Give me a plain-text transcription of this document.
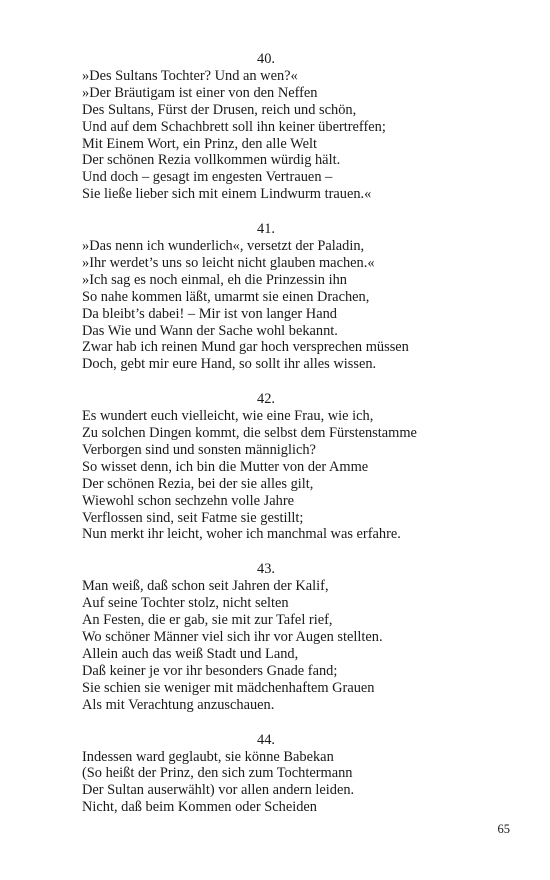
40.
»Des Sultans Tochter? Und an wen?«
»Der Bräutigam ist einer von den Neffen
Des Sultans, Fürst der Drusen, reich und schön,
Und auf dem Schachbrett soll ihn keiner übertreffen;
Mit Einem Wort, ein Prinz, den alle Welt
Der schönen Rezia vollkommen würdig hält.
Und doch – gesagt im engesten Vertrauen –
Sie ließe lieber sich mit einem Lindwurm trauen.«
41.
»Das nenn ich wunderlich«, versetzt der Paladin,
»Ihr werdet’s uns so leicht nicht glauben machen.«
»Ich sag es noch einmal, eh die Prinzessin ihn
So nahe kommen läßt, umarmt sie einen Drachen,
Da bleibt’s dabei! – Mir ist von langer Hand
Das Wie und Wann der Sache wohl bekannt.
Zwar hab ich reinen Mund gar hoch versprechen müssen
Doch, gebt mir eure Hand, so sollt ihr alles wissen.
42.
Es wundert euch vielleicht, wie eine Frau, wie ich,
Zu solchen Dingen kommt, die selbst dem Fürstenstamme
Verborgen sind und sonsten männiglich?
So wisset denn, ich bin die Mutter von der Amme
Der schönen Rezia, bei der sie alles gilt,
Wiewohl schon sechzehn volle Jahre
Verflossen sind, seit Fatme sie gestillt;
Nun merkt ihr leicht, woher ich manchmal was erfahre.
43.
Man weiß, daß schon seit Jahren der Kalif,
Auf seine Tochter stolz, nicht selten
An Festen, die er gab, sie mit zur Tafel rief,
Wo schöner Männer viel sich ihr vor Augen stellten.
Allein auch das weiß Stadt und Land,
Daß keiner je vor ihr besonders Gnade fand;
Sie schien sie weniger mit mädchenhaftem Grauen
Als mit Verachtung anzuschauen.
44.
Indessen ward geglaubt, sie könne Babekan
(So heißt der Prinz, den sich zum Tochtermann
Der Sultan auserwählt) vor allen andern leiden.
Nicht, daß beim Kommen oder Scheiden
65
